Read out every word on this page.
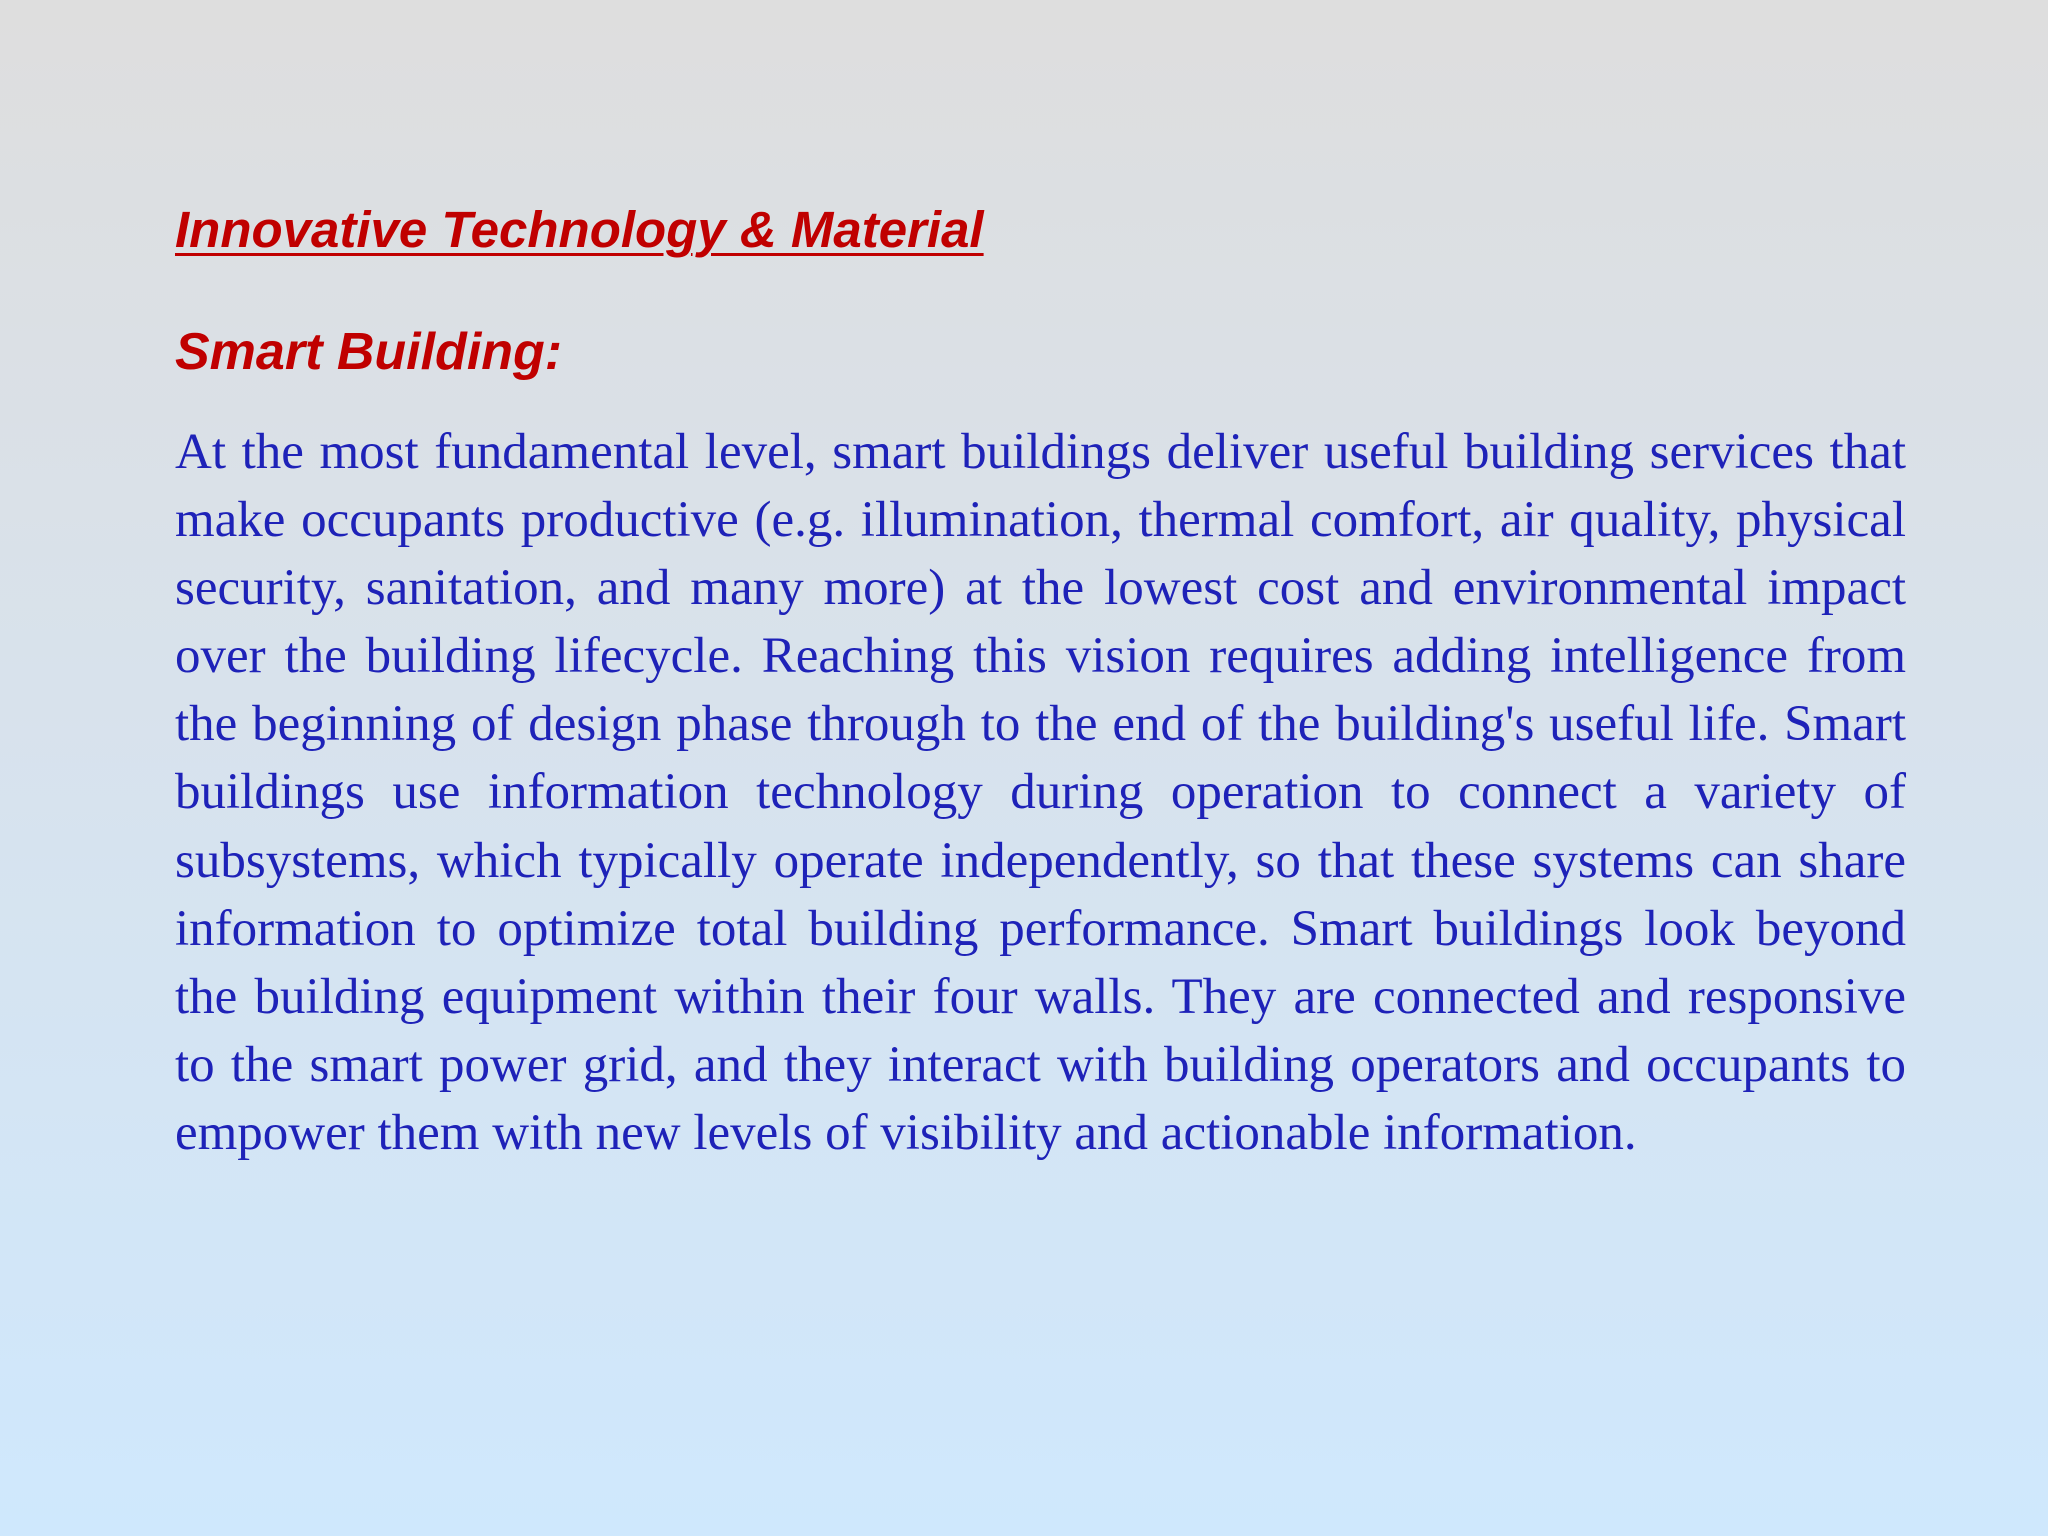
Innovative Technology & Material
Smart Building:

At the most fundamental level, smart buildings deliver useful building services that make occupants productive (e.g. illumination, thermal comfort, air quality, physical security, sanitation, and many more) at the lowest cost and environmental impact over the building lifecycle. Reaching this vision requires adding intelligence from the beginning of design phase through to the end of the building's useful life. Smart buildings use information technology during operation to connect a variety of subsystems, which typically operate independently, so that these systems can share information to optimize total building performance. Smart buildings look beyond the building equipment within their four walls. They are connected and responsive to the smart power grid, and they interact with building operators and occupants to empower them with new levels of visibility and actionable information.
